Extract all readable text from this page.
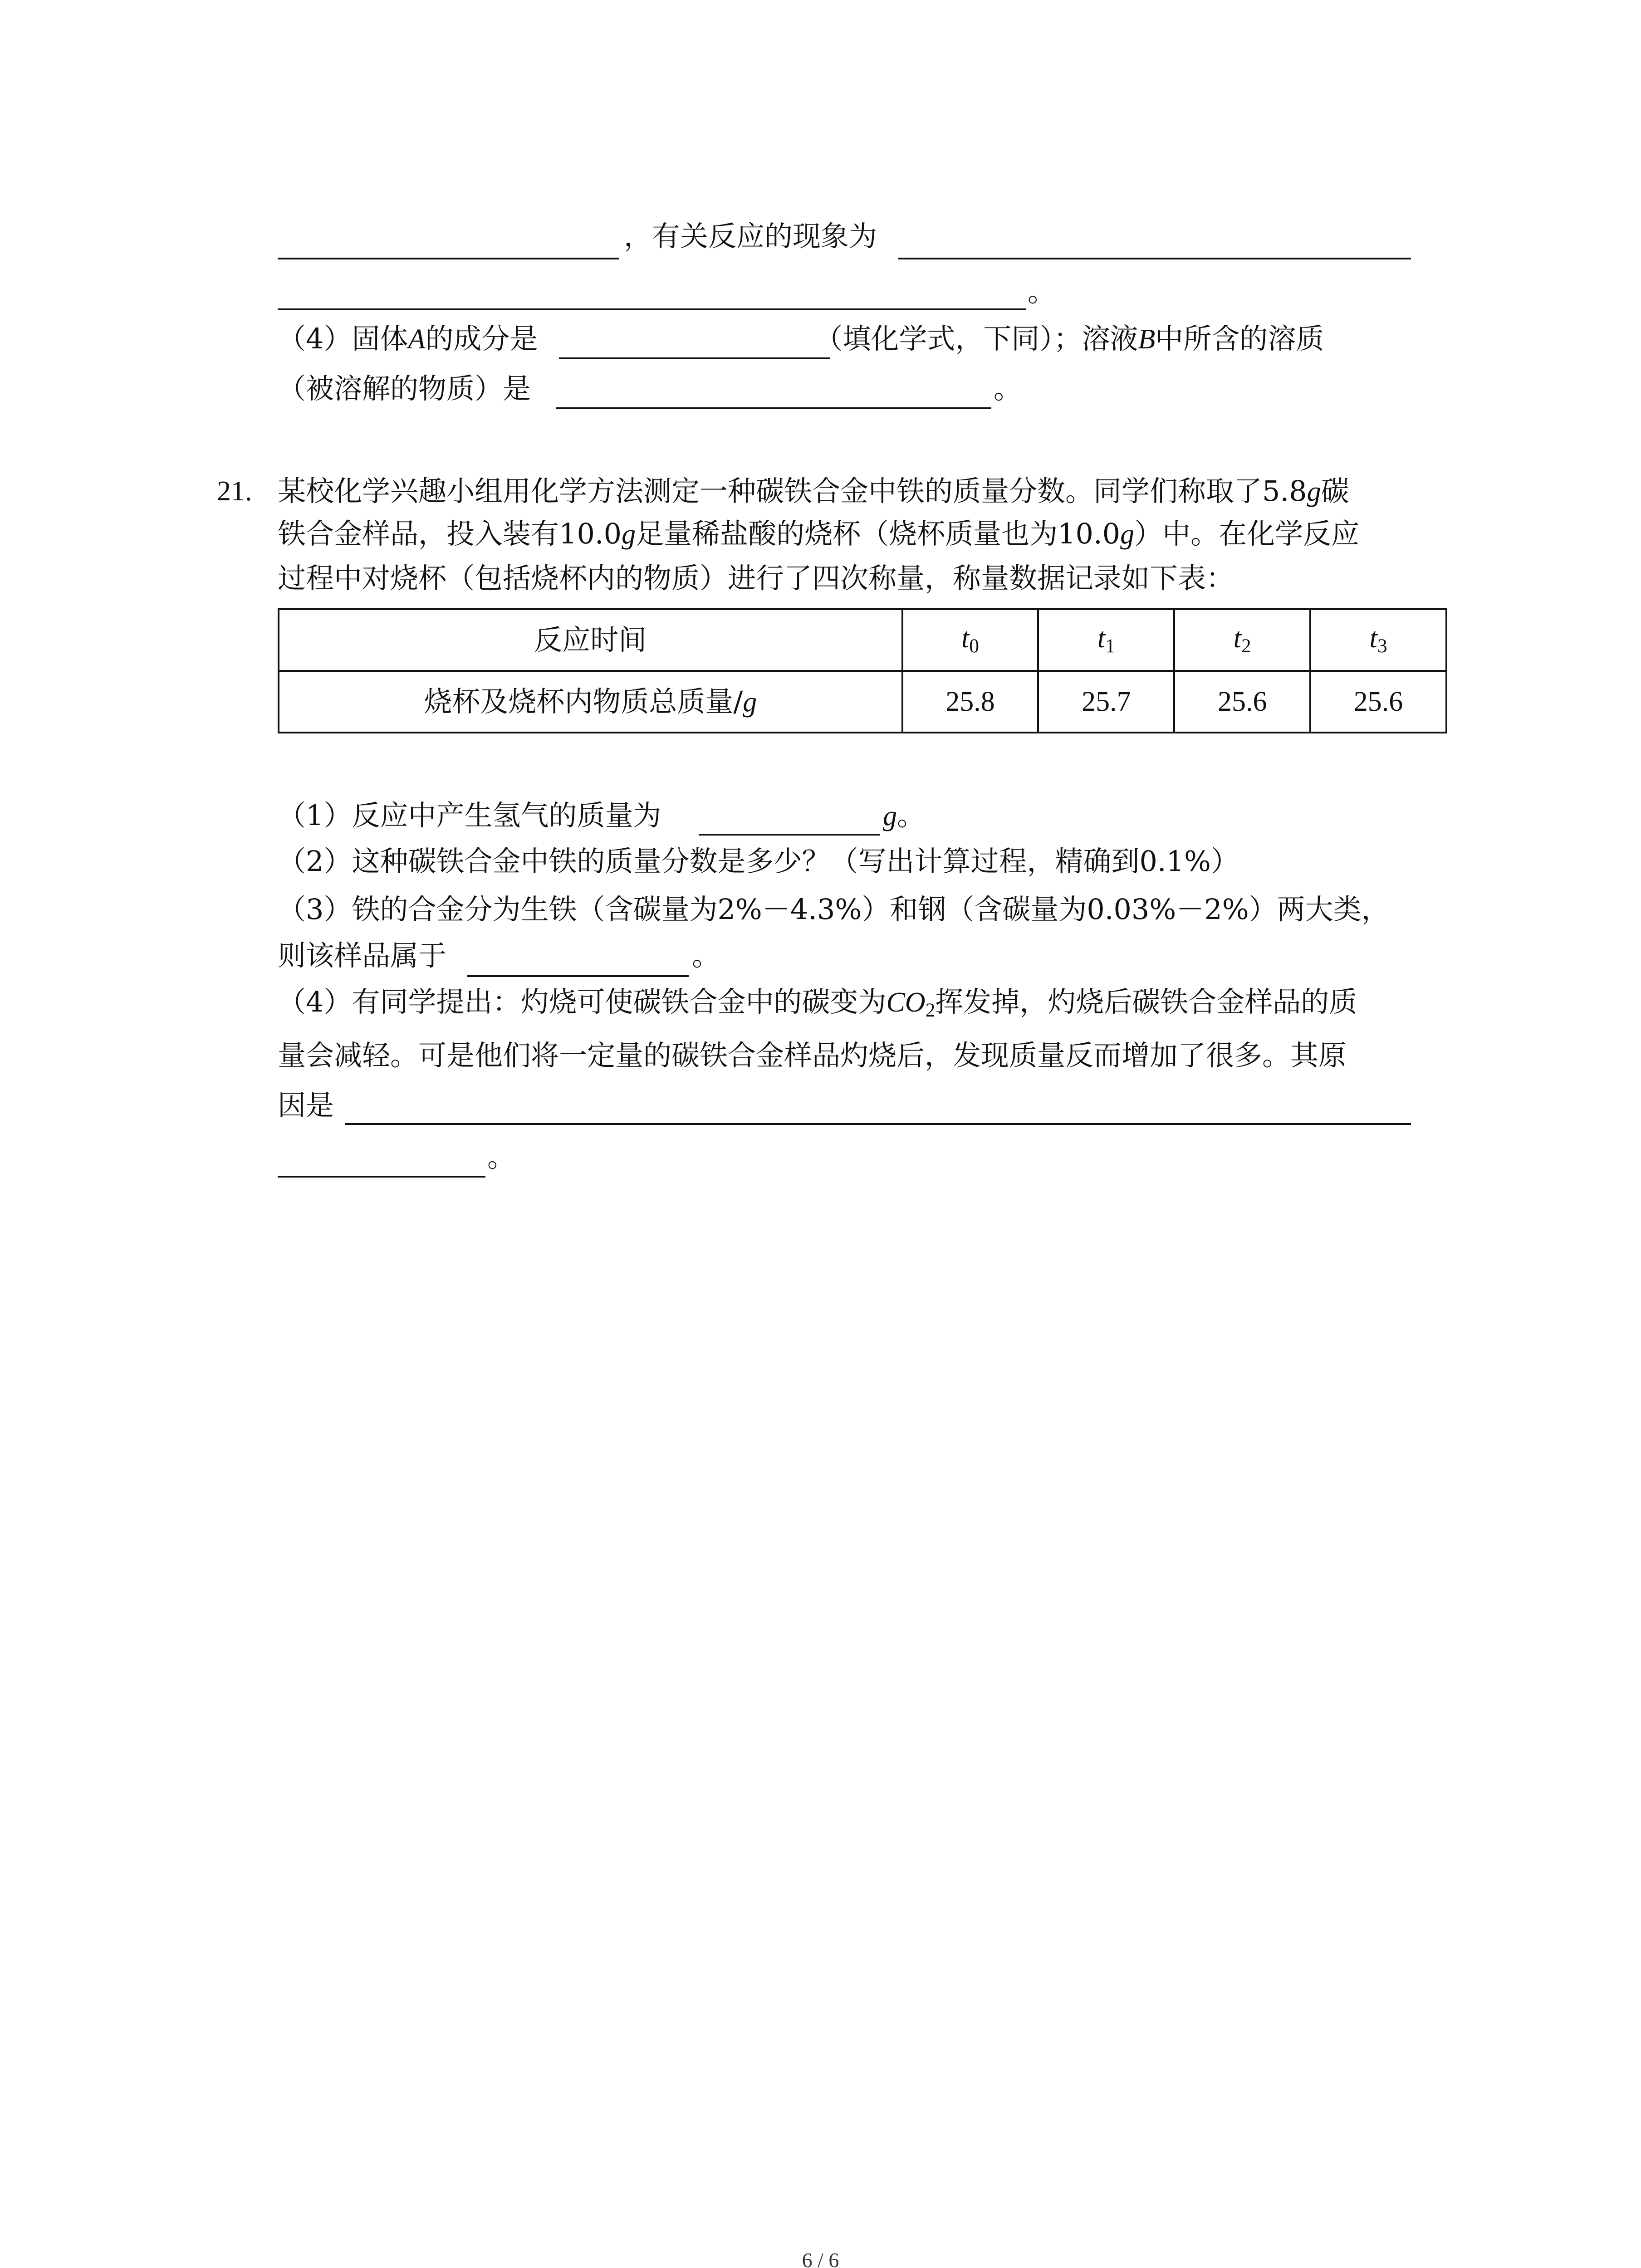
，有关反应的现象为
。
（4）固体A的成分是	（填化学式，下同）；溶液B中所含的溶质
（被溶解的物质）是	。
21. 某校化学兴趣小组用化学方法测定一种碳铁合金中铁的质量分数。同学们称取了5.8g碳
铁合金样品，投入装有10.0g足量稀盐酸的烧杯（烧杯质量也为10.0g）中。在化学反应
过程中对烧杯（包括烧杯内的物质）进行了四次称量，称量数据记录如下表：
反应时间	$t_0$	$t_1$	$t_2$	$t_3$
烧杯及烧杯内物质总质量/g	25.8	25.7	25.6	25.6
（1）反应中产生氢气的质量为	g。
（2）这种碳铁合金中铁的质量分数是多少？（写出计算过程，精确到0.1%）
（3）铁的合金分为生铁（含碳量为2%－4.3%）和钢（含碳量为0.03%－2%）两大类，
则该样品属于	。
（4）有同学提出：灼烧可使碳铁合金中的碳变为$CO_2$挥发掉，灼烧后碳铁合金样品的质
量会减轻。可是他们将一定量的碳铁合金样品灼烧后，发现质量反而增加了很多。其原
因是
。
6 / 6
